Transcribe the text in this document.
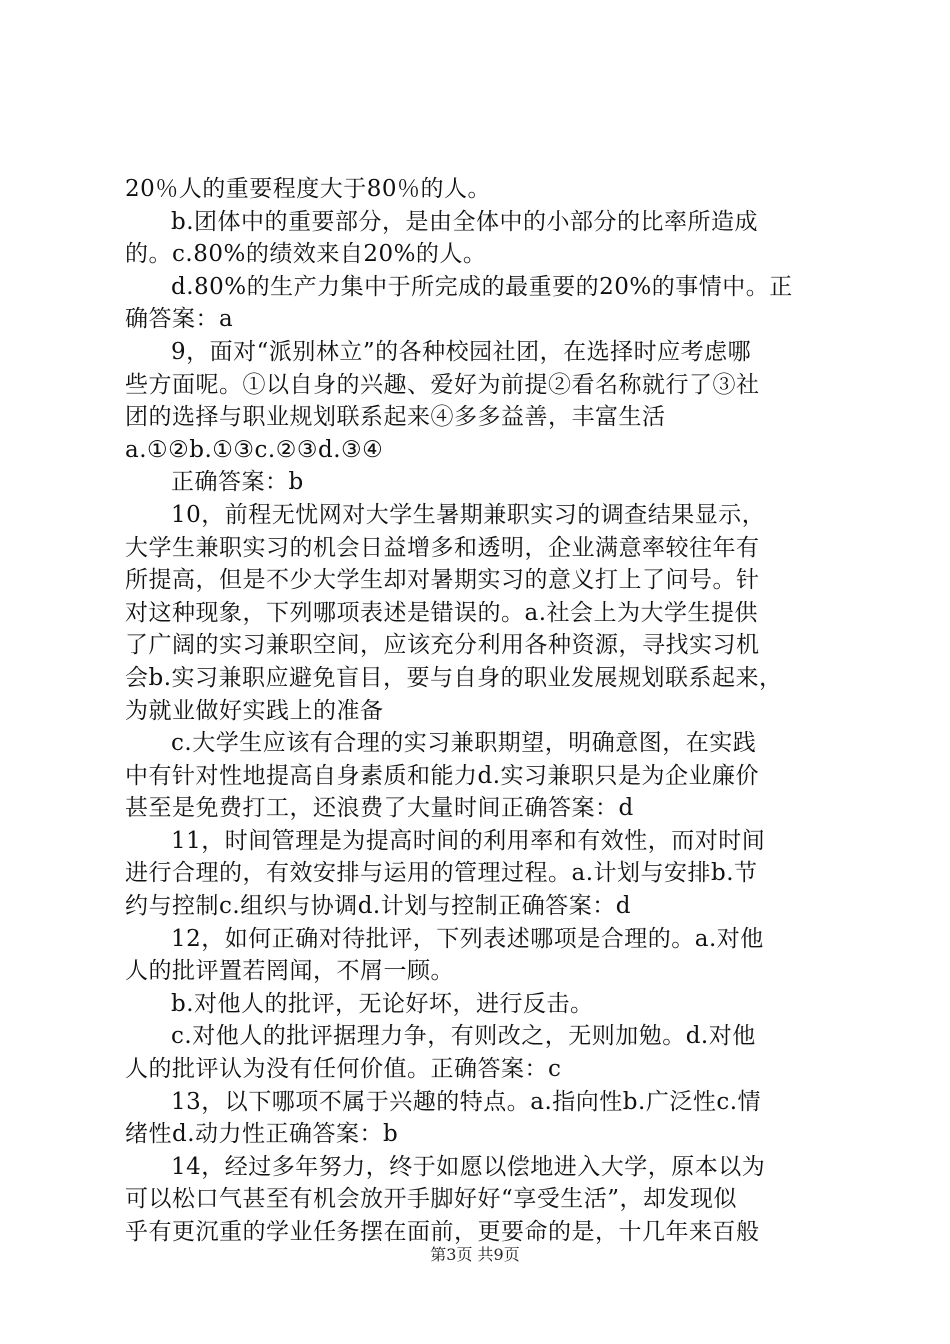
20％人的重要程度大于80％的人。
b.团体中的重要部分，是由全体中的小部分的比率所造成
的。c.80%的绩效来自20%的人。
d.80%的生产力集中于所完成的最重要的20%的事情中。正
确答案：a
9，面对“派别林立”的各种校园社团，在选择时应考虑哪
些方面呢。①以自身的兴趣、爱好为前提②看名称就行了③社
团的选择与职业规划联系起来④多多益善，丰富生活
a.①②b.①③c.②③d.③④
正确答案：b
10，前程无忧网对大学生暑期兼职实习的调查结果显示，
大学生兼职实习的机会日益增多和透明，企业满意率较往年有
所提高，但是不少大学生却对暑期实习的意义打上了问号。针
对这种现象，下列哪项表述是错误的。a.社会上为大学生提供
了广阔的实习兼职空间，应该充分利用各种资源，寻找实习机
会b.实习兼职应避免盲目，要与自身的职业发展规划联系起来，
为就业做好实践上的准备
c.大学生应该有合理的实习兼职期望，明确意图，在实践
中有针对性地提高自身素质和能力d.实习兼职只是为企业廉价
甚至是免费打工，还浪费了大量时间正确答案：d
11，时间管理是为提高时间的利用率和有效性，而对时间
进行合理的，有效安排与运用的管理过程。a.计划与安排b.节
约与控制c.组织与协调d.计划与控制正确答案：d
12，如何正确对待批评，下列表述哪项是合理的。a.对他
人的批评置若罔闻，不屑一顾。
b.对他人的批评，无论好坏，进行反击。
c.对他人的批评据理力争，有则改之，无则加勉。d.对他
人的批评认为没有任何价值。正确答案：c
13，以下哪项不属于兴趣的特点。a.指向性b.广泛性c.情
绪性d.动力性正确答案：b
14，经过多年努力，终于如愿以偿地进入大学，原本以为
可以松口气甚至有机会放开手脚好好“享受生活”，却发现似
乎有更沉重的学业任务摆在面前，更要命的是，十几年来百般
第3页 共9页
